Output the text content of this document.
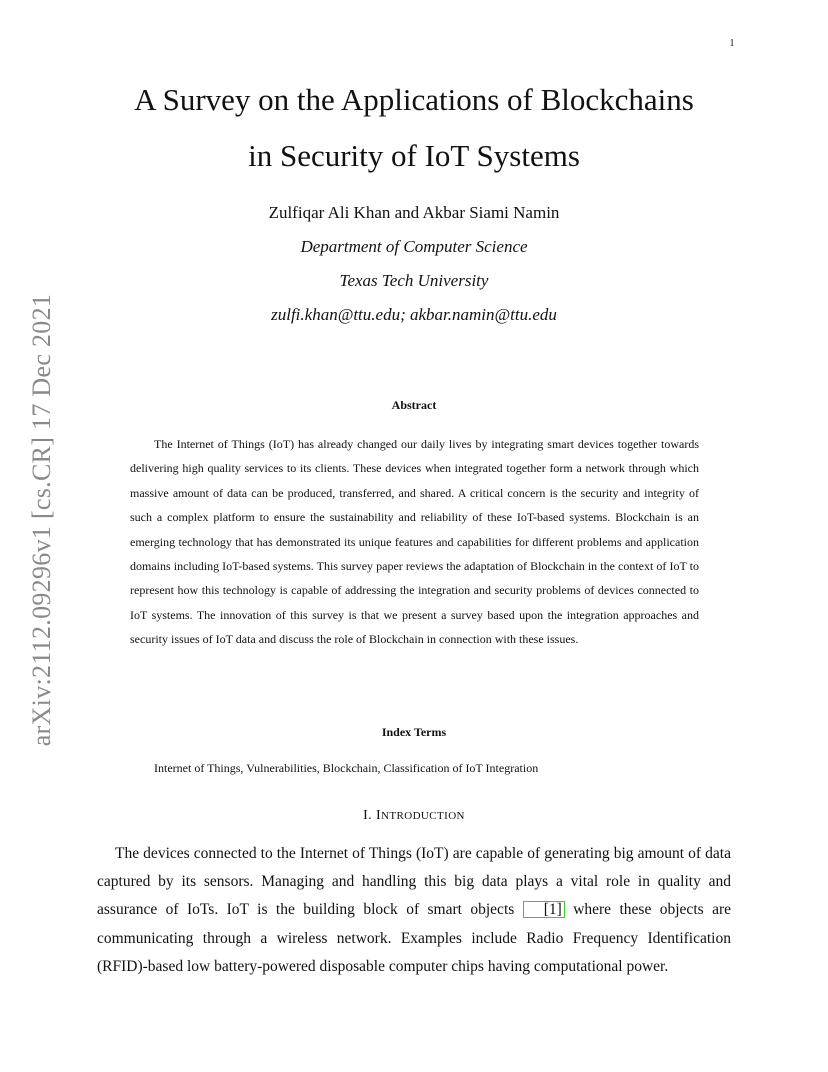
1
arXiv:2112.09296v1 [cs.CR] 17 Dec 2021
A Survey on the Applications of Blockchains
in Security of IoT Systems
Zulfiqar Ali Khan and Akbar Siami Namin
Department of Computer Science
Texas Tech University
zulfi.khan@ttu.edu; akbar.namin@ttu.edu
Abstract

The Internet of Things (IoT) has already changed our daily lives by integrating smart devices together towards delivering high quality services to its clients. These devices when integrated together form a network through which massive amount of data can be produced, transferred, and shared. A critical concern is the security and integrity of such a complex platform to ensure the sustainability and reliability of these IoT-based systems. Blockchain is an emerging technology that has demonstrated its unique features and capabilities for different problems and application domains including IoT-based systems. This survey paper reviews the adaptation of Blockchain in the context of IoT to represent how this technology is capable of addressing the integration and security problems of devices connected to IoT systems. The innovation of this survey is that we present a survey based upon the integration approaches and security issues of IoT data and discuss the role of Blockchain in connection with these issues.

Index Terms
Internet of Things, Vulnerabilities, Blockchain, Classification of IoT Integration
I. INTRODUCTION

The devices connected to the Internet of Things (IoT) are capable of generating big amount of data captured by its sensors. Managing and handling this big data plays a vital role in quality and assurance of IoTs. IoT is the building block of smart objects [1] where these objects are communicating through a wireless network. Examples include Radio Frequency Identification (RFID)-based low battery-powered disposable computer chips having computational power.
